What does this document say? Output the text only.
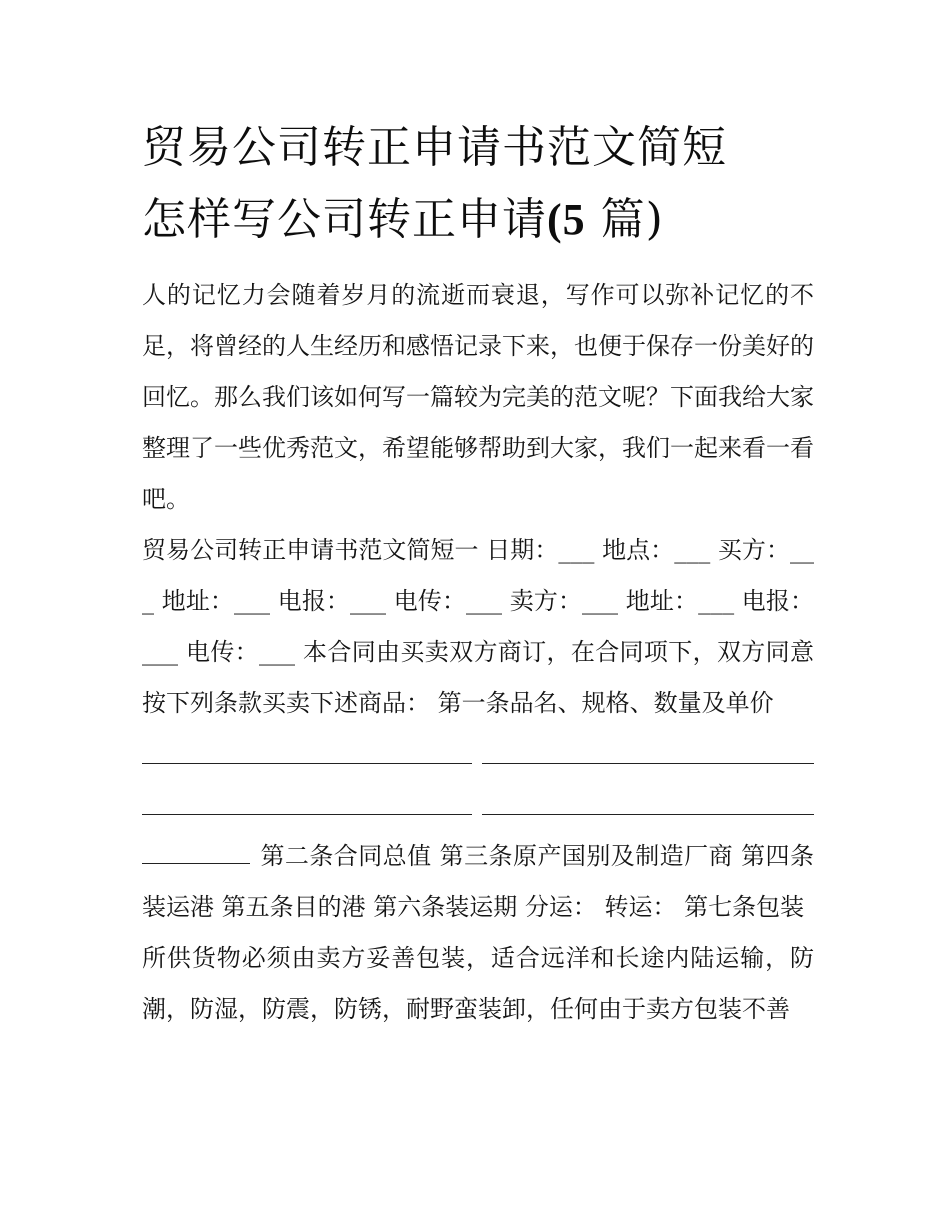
贸易公司转正申请书范文简短
怎样写公司转正申请(5 篇)

人的记忆力会随着岁月的流逝而衰退，写作可以弥补记忆的不足，将曾经的人生经历和感悟记录下来，也便于保存一份美好的回忆。那么我们该如何写一篇较为完美的范文呢？下面我给大家整理了一些优秀范文，希望能够帮助到大家，我们一起来看一看吧。

贸易公司转正申请书范文简短一 日期：___ 地点：___ 买方：___ 地址：___ 电报：___ 电传：___ 卖方：___ 地址：___ 电报：___ 电传：___ 本合同由买卖双方商订，在合同项下，双方同意按下列条款买卖下述商品： 第一条品名、规格、数量及单价

第二条合同总值 第三条原产国别及制造厂商 第四条装运港 第五条目的港 第六条装运期 分运： 转运： 第七条包装

所供货物必须由卖方妥善包装，适合远洋和长途内陆运输，防潮，防湿，防震，防锈，耐野蛮装卸，任何由于卖方包装不善
